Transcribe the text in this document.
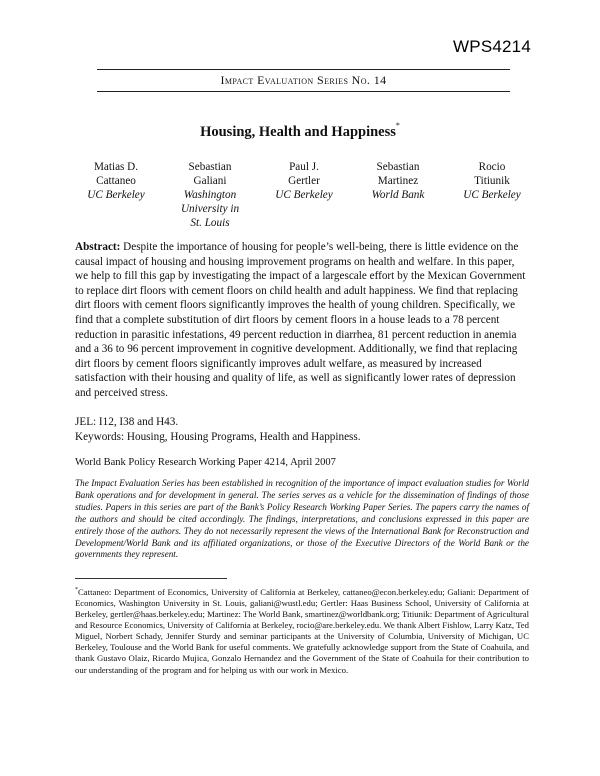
WPS4214
Impact Evaluation Series No. 14
Housing, Health and Happiness*
Matias D.
Cattaneo
UC Berkeley
Sebastian
Galiani
Washington
University in
St. Louis
Paul J.
Gertler
UC Berkeley
Sebastian
Martinez
World Bank
Rocio
Titiunik
UC Berkeley
Abstract: Despite the importance of housing for people’s well-being, there is little evidence on the causal impact of housing and housing improvement programs on health and welfare. In this paper, we help to fill this gap by investigating the impact of a largescale effort by the Mexican Government to replace dirt floors with cement floors on child health and adult happiness. We find that replacing dirt floors with cement floors significantly improves the health of young children. Specifically, we find that a complete substitution of dirt floors by cement floors in a house leads to a 78 percent reduction in parasitic infestations, 49 percent reduction in diarrhea, 81 percent reduction in anemia and a 36 to 96 percent improvement in cognitive development. Additionally, we find that replacing dirt floors by cement floors significantly improves adult welfare, as measured by increased satisfaction with their housing and quality of life, as well as significantly lower rates of depression and perceived stress.
JEL: I12, I38 and H43.
Keywords: Housing, Housing Programs, Health and Happiness.
World Bank Policy Research Working Paper 4214, April 2007
The Impact Evaluation Series has been established in recognition of the importance of impact evaluation studies for World Bank operations and for development in general. The series serves as a vehicle for the dissemination of findings of those studies. Papers in this series are part of the Bank’s Policy Research Working Paper Series. The papers carry the names of the authors and should be cited accordingly. The findings, interpretations, and conclusions expressed in this paper are entirely those of the authors. They do not necessarily represent the views of the International Bank for Reconstruction and Development/World Bank and its affiliated organizations, or those of the Executive Directors of the World Bank or the governments they represent.
*Cattaneo: Department of Economics, University of California at Berkeley, cattaneo@econ.berkeley.edu; Galiani: Department of Economics, Washington University in St. Louis, galiani@wustl.edu; Gertler: Haas Business School, University of California at Berkeley, gertler@haas.berkeley.edu; Martinez: The World Bank, smartinez@worldbank.org; Titiunik: Department of Agricultural and Resource Economics, University of California at Berkeley, rocio@are.berkeley.edu. We thank Albert Fishlow, Larry Katz, Ted Miguel, Norbert Schady, Jennifer Sturdy and seminar participants at the University of Columbia, University of Michigan, UC Berkeley, Toulouse and the World Bank for useful comments. We gratefully acknowledge support from the State of Coahuila, and thank Gustavo Olaiz, Ricardo Mujica, Gonzalo Hernandez and the Government of the State of Coahuila for their contribution to our understanding of the program and for helping us with our work in Mexico.
